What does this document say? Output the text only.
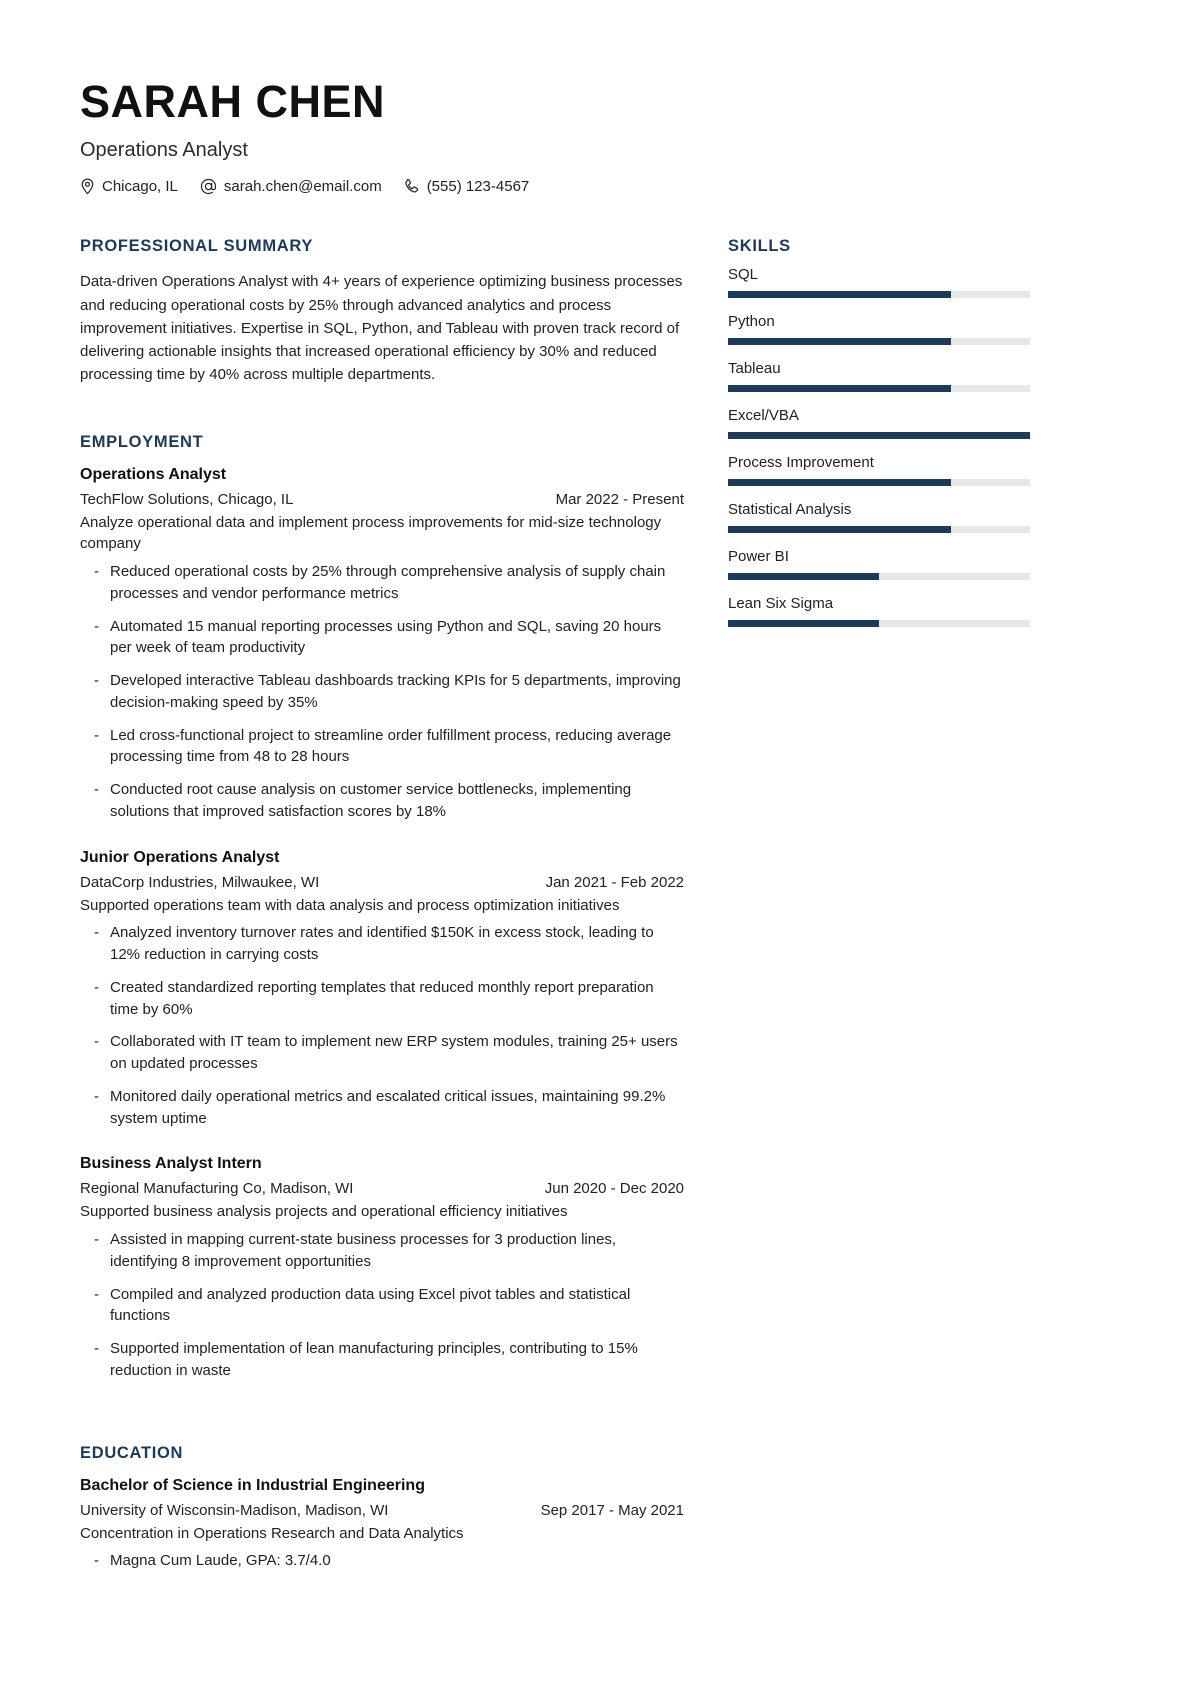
SARAH CHEN
Operations Analyst
Chicago, IL	sarah.chen@email.com	(555) 123-4567
PROFESSIONAL SUMMARY
Data-driven Operations Analyst with 4+ years of experience optimizing business processes and reducing operational costs by 25% through advanced analytics and process improvement initiatives. Expertise in SQL, Python, and Tableau with proven track record of delivering actionable insights that increased operational efficiency by 30% and reduced processing time by 40% across multiple departments.
EMPLOYMENT
Operations Analyst
TechFlow Solutions, Chicago, IL	Mar 2022 - Present
Analyze operational data and implement process improvements for mid-size technology company
- Reduced operational costs by 25% through comprehensive analysis of supply chain processes and vendor performance metrics
- Automated 15 manual reporting processes using Python and SQL, saving 20 hours per week of team productivity
- Developed interactive Tableau dashboards tracking KPIs for 5 departments, improving decision-making speed by 35%
- Led cross-functional project to streamline order fulfillment process, reducing average processing time from 48 to 28 hours
- Conducted root cause analysis on customer service bottlenecks, implementing solutions that improved satisfaction scores by 18%
Junior Operations Analyst
DataCorp Industries, Milwaukee, WI	Jan 2021 - Feb 2022
Supported operations team with data analysis and process optimization initiatives
- Analyzed inventory turnover rates and identified $150K in excess stock, leading to 12% reduction in carrying costs
- Created standardized reporting templates that reduced monthly report preparation time by 60%
- Collaborated with IT team to implement new ERP system modules, training 25+ users on updated processes
- Monitored daily operational metrics and escalated critical issues, maintaining 99.2% system uptime
Business Analyst Intern
Regional Manufacturing Co, Madison, WI	Jun 2020 - Dec 2020
Supported business analysis projects and operational efficiency initiatives
- Assisted in mapping current-state business processes for 3 production lines, identifying 8 improvement opportunities
- Compiled and analyzed production data using Excel pivot tables and statistical functions
- Supported implementation of lean manufacturing principles, contributing to 15% reduction in waste
EDUCATION
Bachelor of Science in Industrial Engineering
University of Wisconsin-Madison, Madison, WI	Sep 2017 - May 2021
Concentration in Operations Research and Data Analytics
- Magna Cum Laude, GPA: 3.7/4.0
SKILLS
SQL
Python
Tableau
Excel/VBA
Process Improvement
Statistical Analysis
Power BI
Lean Six Sigma
